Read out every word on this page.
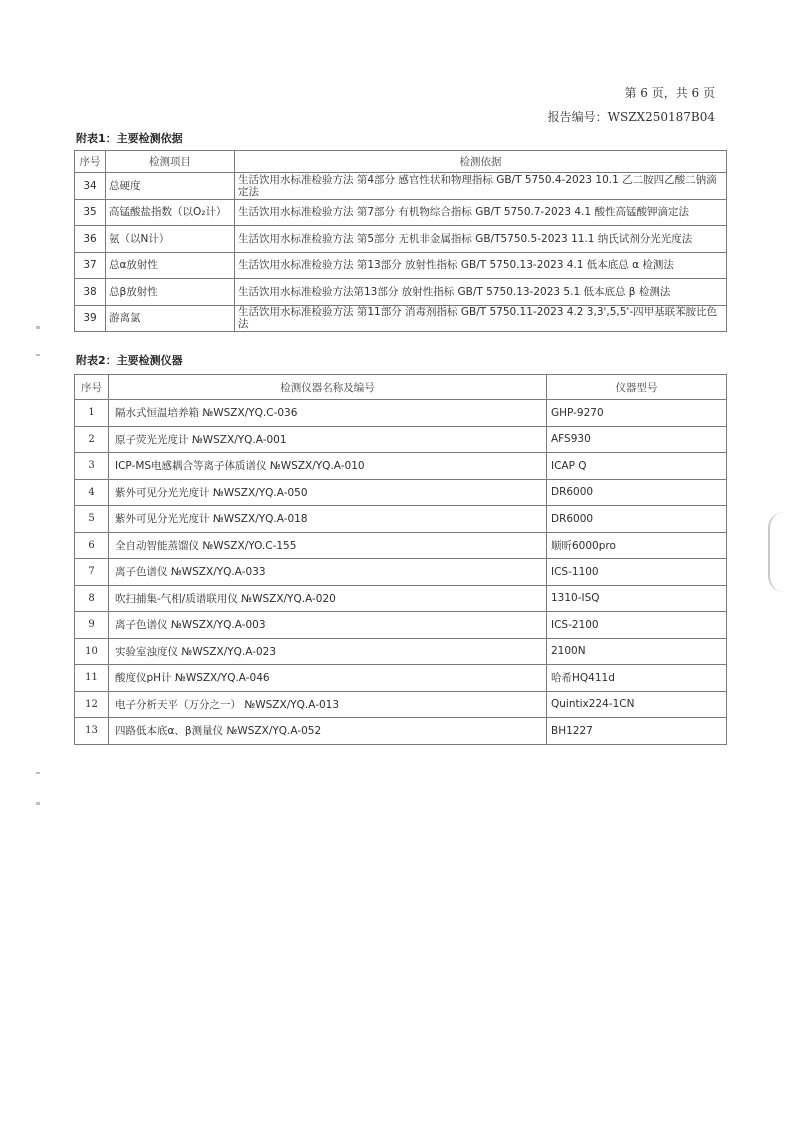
第 6 页，共 6 页
报告编号：WSZX250187B04
附表1：主要检测依据
序号	检测项目	检测依据
34	总硬度	生活饮用水标准检验方法 第4部分 感官性状和物理指标 GB/T 5750.4-2023 10.1 乙二胺四乙酸二钠滴定法

35	高锰酸盐指数（以O₂计）	生活饮用水标准检验方法 第7部分 有机物综合指标 GB/T 5750.7-2023 4.1 酸性高锰酸钾滴定法

36	氨（以N计）	生活饮用水标准检验方法 第5部分 无机非金属指标 GB/T5750.5-2023 11.1 纳氏试剂分光光度法

37	总α放射性	生活饮用水标准检验方法 第13部分 放射性指标 GB/T 5750.13-2023 4.1 低本底总 α 检测法

38	总β放射性	生活饮用水标准检验方法第13部分 放射性指标 GB/T 5750.13-2023 5.1 低本底总 β 检测法

39	游离氯	生活饮用水标准检验方法 第11部分 消毒剂指标 GB/T 5750.11-2023 4.2 3,3',5,5'-四甲基联苯胺比色法
附表2：主要检测仪器
序号	检测仪器名称及编号	仪器型号
1	隔水式恒温培养箱 №WSZX/YQ.C-036	GHP-9270
2	原子荧光光度计 №WSZX/YQ.A-001	AFS930
3	ICP-MS电感耦合等离子体质谱仪 №WSZX/YQ.A-010	ICAP Q
4	紫外可见分光光度计 №WSZX/YQ.A-050	DR6000
5	紫外可见分光光度计 №WSZX/YQ.A-018	DR6000
6	全自动智能蒸馏仪 №WSZX/YO.C-155	顺昕6000pro
7	离子色谱仪 №WSZX/YQ.A-033	ICS-1100
8	吹扫捕集-气相/质谱联用仪 №WSZX/YQ.A-020	1310-ISQ
9	离子色谱仪 №WSZX/YQ.A-003	ICS-2100
10	实验室浊度仪 №WSZX/YQ.A-023	2100N
11	酸度仪pH计 №WSZX/YQ.A-046	哈希HQ411d
12	电子分析天平（万分之一） №WSZX/YQ.A-013	Quintix224-1CN
13	四路低本底α、β测量仪 №WSZX/YQ.A-052	BH1227
